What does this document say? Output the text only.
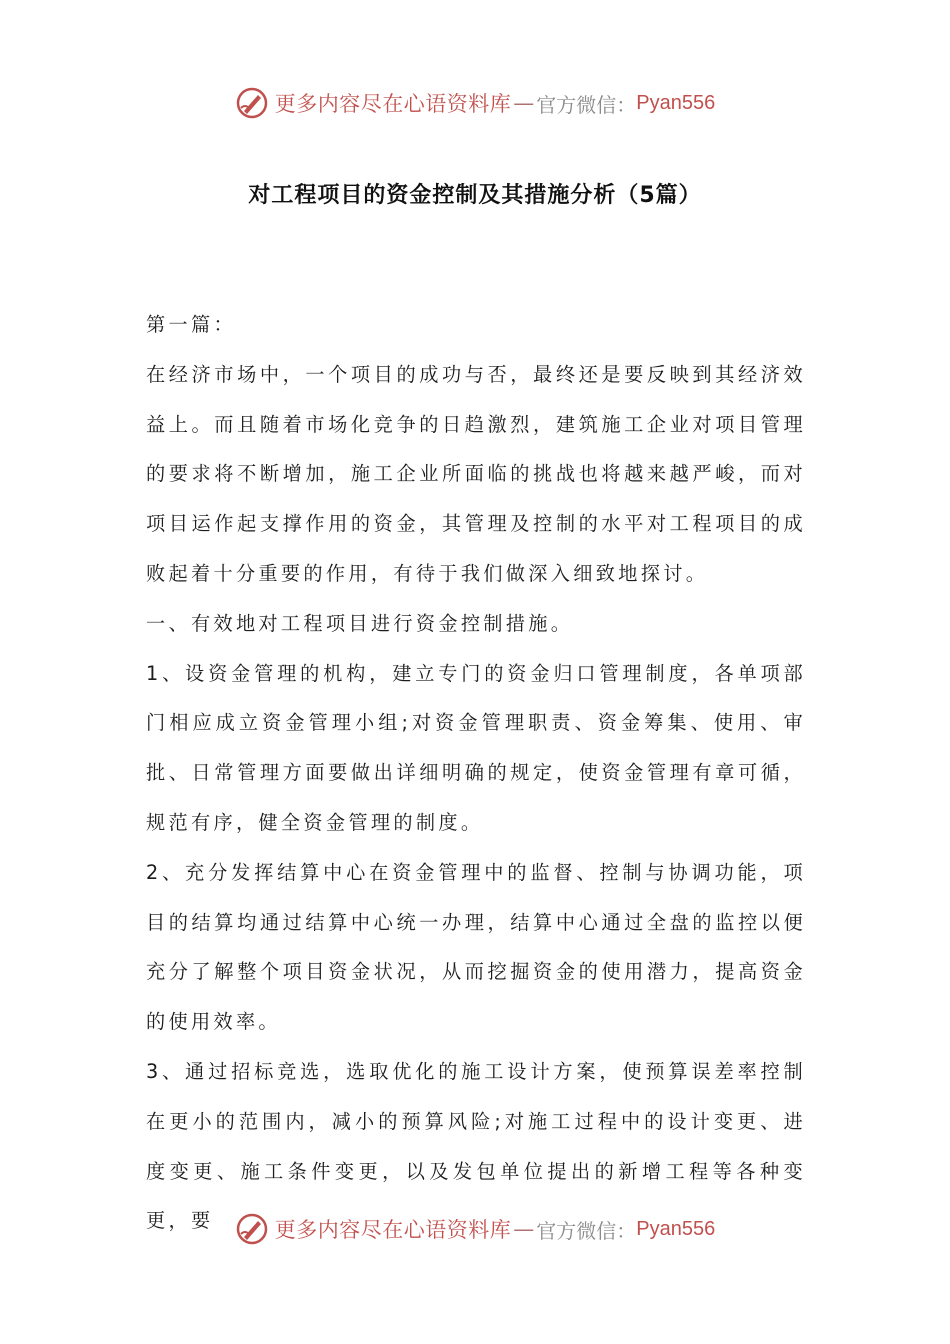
更多内容尽在心语资料库 — 官方微信： Pyan556
对工程项目的资金控制及其措施分析（5篇）

第一篇：

在经济市场中，一个项目的成功与否，最终还是要反映到其经济效益上。而且随着市场化竞争的日趋激烈，建筑施工企业对项目管理的要求将不断增加，施工企业所面临的挑战也将越来越严峻，而对项目运作起支撑作用的资金，其管理及控制的水平对工程项目的成败起着十分重要的作用，有待于我们做深入细致地探讨。

一、有效地对工程项目进行资金控制措施。

1、设资金管理的机构，建立专门的资金归口管理制度，各单项部门相应成立资金管理小组;对资金管理职责、资金筹集、使用、审批、日常管理方面要做出详细明确的规定，使资金管理有章可循，规范有序，健全资金管理的制度。

2、充分发挥结算中心在资金管理中的监督、控制与协调功能，项目的结算均通过结算中心统一办理，结算中心通过全盘的监控以便充分了解整个项目资金状况，从而挖掘资金的使用潜力，提高资金的使用效率。

3、通过招标竞选，选取优化的施工设计方案，使预算误差率控制在更小的范围内，减小的预算风险;对施工过程中的设计变更、进度变更、施工条件变更，以及发包单位提出的新增工程等各种变更，要	更多内容尽在心语资料库 — 官方微信： Pyan556
